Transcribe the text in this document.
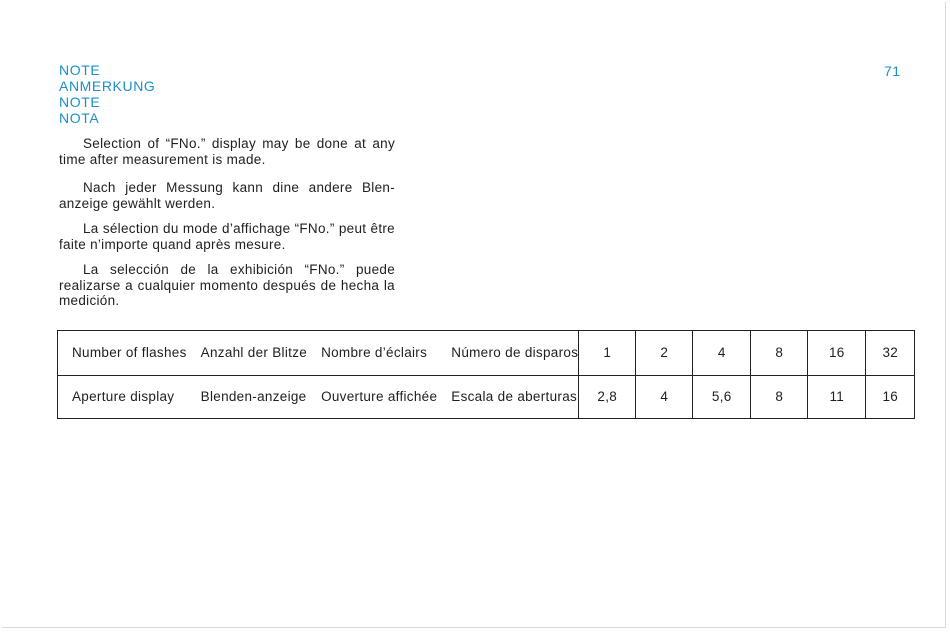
NOTE
ANMERKUNG
NOTE
NOTA
71
Selection of “FNo.” display may be done at any time after measurement is made.
Nach jeder Messung kann dine andere Blen-anzeige gewählt werden.
La sélection du mode d’affichage “FNo.” peut être faite n’importe quand après mesure.
La selección de la exhibición “FNo.” puede realizarse a cualquier momento después de hecha la medición.
Number of flashes	Anzahl der Blitze	Nombre d’éclairs	Número de disparos	1	2	4	8	16	32
Aperture display	Blenden-anzeige	Ouverture affichée	Escala de aberturas	2,8	4	5,6	8	11	16
